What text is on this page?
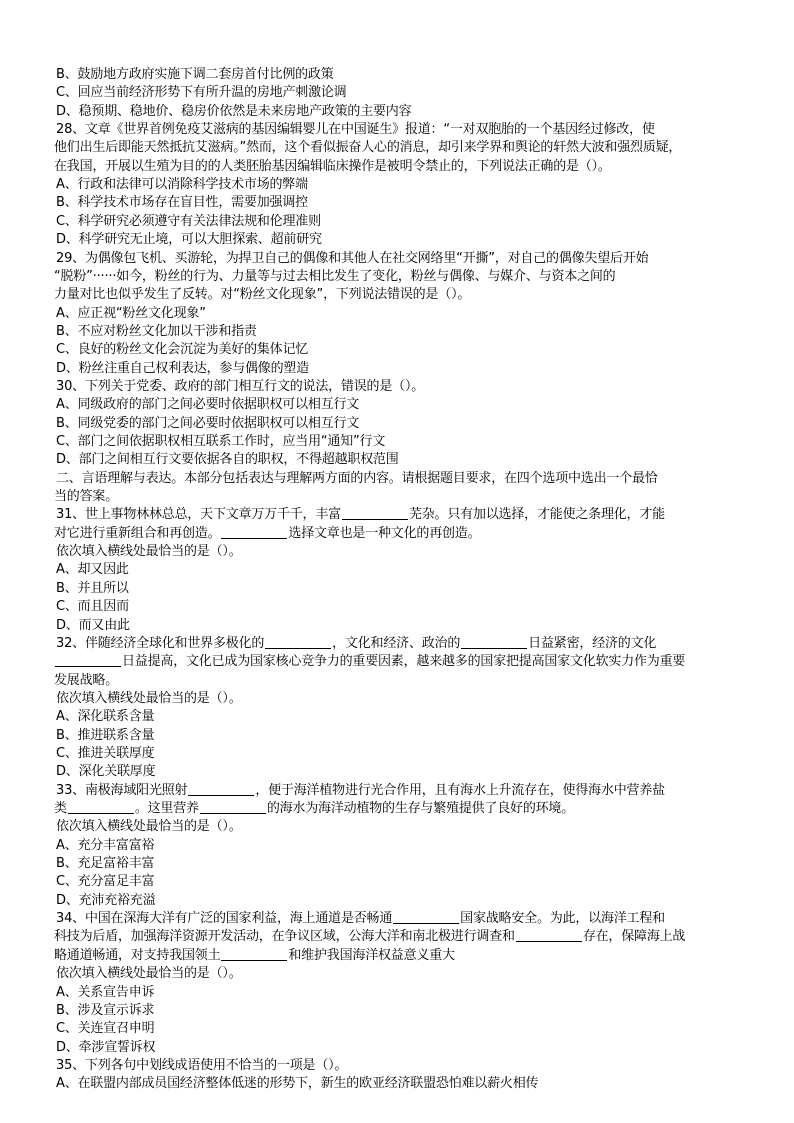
B、鼓励地方政府实施下调二套房首付比例的政策
C、回应当前经济形势下有所升温的房地产刺激论调
D、稳预期、稳地价、稳房价依然是未来房地产政策的主要内容
28、文章《世界首例免疫艾滋病的基因编辑婴儿在中国诞生》报道：“一对双胞胎的一个基因经过修改，使
他们出生后即能天然抵抗艾滋病。”然而，这个看似振奋人心的消息，却引来学界和舆论的轩然大波和强烈质疑，
在我国，开展以生殖为目的的人类胚胎基因编辑临床操作是被明令禁止的，下列说法正确的是（）。
A、行政和法律可以消除科学技术市场的弊端
B、科学技术市场存在盲目性，需要加强调控
C、科学研究必须遵守有关法律法规和伦理准则
D、科学研究无止境，可以大胆探索、超前研究
29、为偶像包飞机、买游轮，为捍卫自己的偶像和其他人在社交网络里“开撕”，对自己的偶像失望后开始
“脱粉”······如今，粉丝的行为、力量等与过去相比发生了变化，粉丝与偶像、与媒介、与资本之间的
力量对比也似乎发生了反转。对“粉丝文化现象”，下列说法错误的是（）。
A、应正视“粉丝文化现象”
B、不应对粉丝文化加以干涉和指责
C、良好的粉丝文化会沉淀为美好的集体记忆
D、粉丝注重自己权利表达，参与偶像的塑造
30、下列关于党委、政府的部门相互行文的说法，错误的是（）。
A、同级政府的部门之间必要时依据职权可以相互行文
B、同级党委的部门之间必要时依据职权可以相互行文
C、部门之间依据职权相互联系工作时，应当用“通知”行文
D、部门之间相互行文要依据各自的职权，不得超越职权范围
二、言语理解与表达。本部分包括表达与理解两方面的内容。请根据题目要求，在四个选项中选出一个最恰
当的答案。
31、世上事物林林总总，天下文章万万千千，丰富	芜杂。只有加以选择，才能使之条理化，才能
对它进行重新组合和再创造。	选择文章也是一种文化的再创造。
依次填入横线处最恰当的是（）。
A、却又因此
B、并且所以
C、而且因而
D、而又由此
32、伴随经济全球化和世界多极化的	，文化和经济、政治的	日益紧密，经济的文化
日益提高，文化已成为国家核心竞争力的重要因素，越来越多的国家把提高国家文化软实力作为重要
发展战略。
依次填入横线处最恰当的是（）。
A、深化联系含量
B、推进联系含量
C、推进关联厚度
D、深化关联厚度
33、南极海域阳光照射	，便于海洋植物进行光合作用，且有海水上升流存在，使得海水中营养盐
类	。这里营养	的海水为海洋动植物的生存与繁殖提供了良好的环境。
依次填入横线处最恰当的是（）。
A、充分丰富富裕
B、充足富裕丰富
C、充分富足丰富
D、充沛充裕充溢
34、中国在深海大洋有广泛的国家利益，海上通道是否畅通	国家战略安全。为此，以海洋工程和
科技为后盾，加强海洋资源开发活动，在争议区域，公海大洋和南北极进行调查和	存在，保障海上战
略通道畅通，对支持我国领土	和维护我国海洋权益意义重大
依次填入横线处最恰当的是（）。
A、关系宣告申诉
B、涉及宣示诉求
C、关连宣召申明
D、牵涉宣誓诉权
35、下列各句中划线成语使用不恰当的一项是（）。
A、在联盟内部成员国经济整体低迷的形势下，新生的欧亚经济联盟恐怕难以薪火相传
